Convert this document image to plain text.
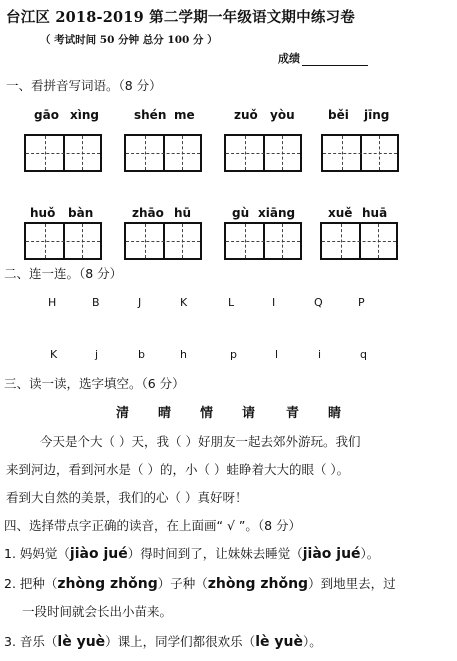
台江区 2018-2019 第二学期一年级语文期中练习卷
（ 考试时间 50 分钟 总分 100 分 ）
成绩
一、看拼音写词语。（8 分）
gāo xìng	shén me	zuǒ yòu	běi jīng
huǒ bàn	zhāo hū	gù xiāng	xuě huā
二、连一连。（8 分）
H	B	J	K	L	I	Q	P
K	j	b	h	p	l	i	q
三、读一读，选字填空。（6 分）
清 晴 情 请 青 睛
今天是个大（ ）天，我（ ）好朋友一起去郊外游玩。我们
来到河边，看到河水是（ ）的，小（ ）蛙睁着大大的眼（ ）。
看到大自然的美景，我们的心（ ）真好呀！
四、选择带点字正确的读音，在上面画“ √ ”。（8 分）
1. 妈妈觉（jiào jué）得时间到了，让妹妹去睡觉（jiào jué）。
2. 把种（zhòng zhǒng）子种（zhòng zhǒng）到地里去，过
一段时间就会长出小苗来。
3. 音乐（lè yuè）课上，同学们都很欢乐（lè yuè）。
